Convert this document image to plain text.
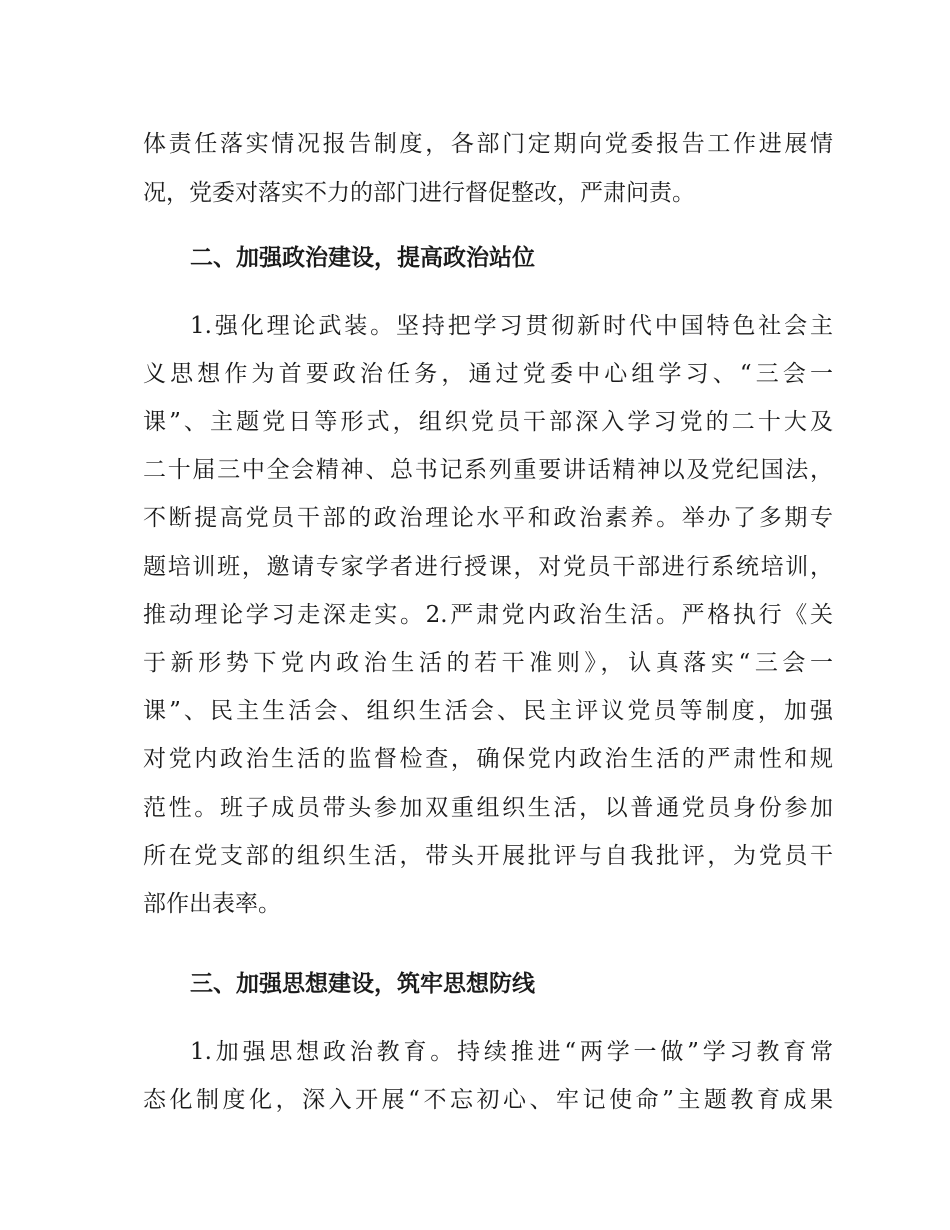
体责任落实情况报告制度，各部门定期向党委报告工作进展情
况，党委对落实不力的部门进行督促整改，严肃问责。
二、加强政治建设，提高政治站位
1.强化理论武装。坚持把学习贯彻新时代中国特色社会主
义思想作为首要政治任务，通过党委中心组学习、“三会一
课”、主题党日等形式，组织党员干部深入学习党的二十大及
二十届三中全会精神、总书记系列重要讲话精神以及党纪国法，
不断提高党员干部的政治理论水平和政治素养。举办了多期专
题培训班，邀请专家学者进行授课，对党员干部进行系统培训，
推动理论学习走深走实。2.严肃党内政治生活。严格执行《关
于新形势下党内政治生活的若干准则》，认真落实“三会一
课”、民主生活会、组织生活会、民主评议党员等制度，加强
对党内政治生活的监督检查，确保党内政治生活的严肃性和规
范性。班子成员带头参加双重组织生活，以普通党员身份参加
所在党支部的组织生活，带头开展批评与自我批评，为党员干
部作出表率。
三、加强思想建设，筑牢思想防线
1.加强思想政治教育。持续推进“两学一做”学习教育常
态化制度化，深入开展“不忘初心、牢记使命”主题教育成果
